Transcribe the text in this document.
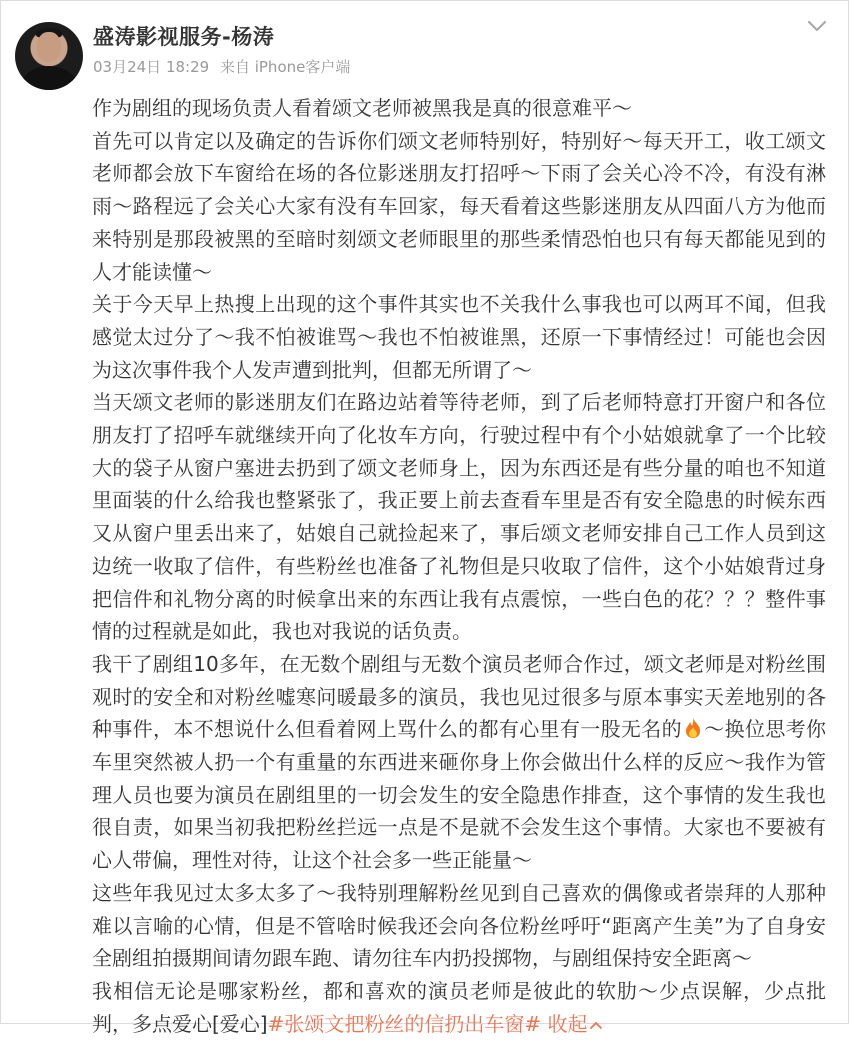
盛涛影视服务-杨涛
03月24日 18:29 来自 iPhone客户端

作为剧组的现场负责人看着颂文老师被黑我是真的很意难平～

首先可以肯定以及确定的告诉你们颂文老师特别好，特别好～每天开工，收工颂文老师都会放下车窗给在场的各位影迷朋友打招呼～下雨了会关心冷不冷，有没有淋雨～路程远了会关心大家有没有车回家，每天看着这些影迷朋友从四面八方为他而来特别是那段被黑的至暗时刻颂文老师眼里的那些柔情恐怕也只有每天都能见到的人才能读懂～

关于今天早上热搜上出现的这个事件其实也不关我什么事我也可以两耳不闻，但我感觉太过分了～我不怕被谁骂～我也不怕被谁黑，还原一下事情经过！可能也会因为这次事件我个人发声遭到批判，但都无所谓了～

当天颂文老师的影迷朋友们在路边站着等待老师，到了后老师特意打开窗户和各位朋友打了招呼车就继续开向了化妆车方向，行驶过程中有个小姑娘就拿了一个比较大的袋子从窗户塞进去扔到了颂文老师身上，因为东西还是有些分量的咱也不知道里面装的什么给我也整紧张了，我正要上前去查看车里是否有安全隐患的时候东西又从窗户里丢出来了，姑娘自己就捡起来了，事后颂文老师安排自己工作人员到这边统一收取了信件，有些粉丝也准备了礼物但是只收取了信件，这个小姑娘背过身把信件和礼物分离的时候拿出来的东西让我有点震惊，一些白色的花？？？整件事情的过程就是如此，我也对我说的话负责。

我干了剧组10多年，在无数个剧组与无数个演员老师合作过，颂文老师是对粉丝围观时的安全和对粉丝嘘寒问暖最多的演员，我也见过很多与原本事实天差地别的各种事件，本不想说什么但看着网上骂什么的都有心里有一股无名的 ～换位思考你车里突然被人扔一个有重量的东西进来砸你身上你会做出什么样的反应～我作为管理人员也要为演员在剧组里的一切会发生的安全隐患作排查，这个事情的发生我也很自责，如果当初我把粉丝拦远一点是不是就不会发生这个事情。大家也不要被有心人带偏，理性对待，让这个社会多一些正能量～

这些年我见过太多太多了～我特别理解粉丝见到自己喜欢的偶像或者崇拜的人那种难以言喻的心情，但是不管啥时候我还会向各位粉丝呼吁“距离产生美”为了自身安全剧组拍摄期间请勿跟车跑、请勿往车内扔投掷物，与剧组保持安全距离～

我相信无论是哪家粉丝，都和喜欢的演员老师是彼此的软肋～少点误解，少点批判，多点爱心[爱心]#张颂文把粉丝的信扔出车窗# 收起
